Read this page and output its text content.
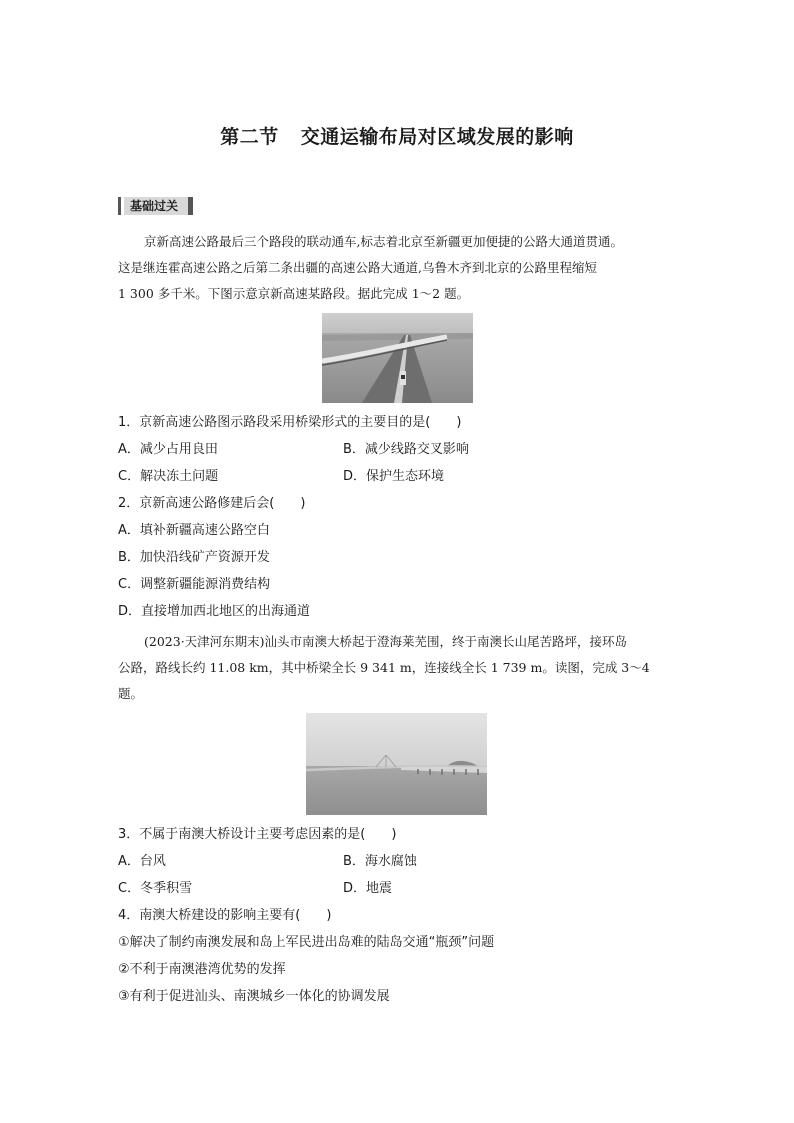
第二节 交通运输布局对区域发展的影响
基础过关
京新高速公路最后三个路段的联动通车,标志着北京至新疆更加便捷的公路大通道贯通。
这是继连霍高速公路之后第二条出疆的高速公路大通道,乌鲁木齐到北京的公路里程缩短
1 300 多千米。下图示意京新高速某路段。据此完成 1～2 题。
1．京新高速公路图示路段采用桥梁形式的主要目的是(　　)
A．减少占用良田	B．减少线路交叉影响
C．解决冻土问题	D．保护生态环境
2．京新高速公路修建后会(　　)
A．填补新疆高速公路空白
B．加快沿线矿产资源开发
C．调整新疆能源消费结构
D．直接增加西北地区的出海通道
(2023·天津河东期末)汕头市南澳大桥起于澄海莱芜围，终于南澳长山尾苦路坪，接环岛
公路，路线长约 11.08 km，其中桥梁全长 9 341 m，连接线全长 1 739 m。读图，完成 3～4
题。
3．不属于南澳大桥设计主要考虑因素的是(　　)
A．台风	B．海水腐蚀
C．冬季积雪	D．地震
4．南澳大桥建设的影响主要有(　　)
①解决了制约南澳发展和岛上军民进出岛难的陆岛交通“瓶颈”问题
②不利于南澳港湾优势的发挥
③有利于促进汕头、南澳城乡一体化的协调发展
